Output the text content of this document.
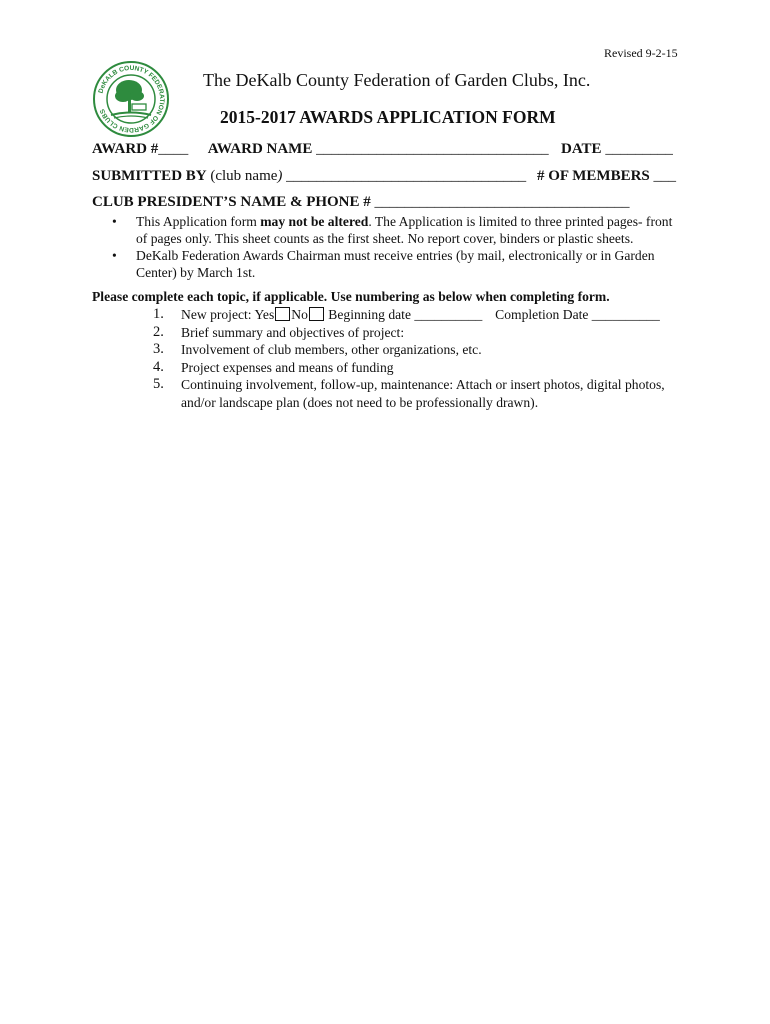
Revised 9-2-15
DeKALB COUNTY FEDERATION OF GARDEN CLUBS
The DeKalb County Federation of Garden Clubs, Inc.
2015-2017 AWARDS APPLICATION FORM
AWARD #____ AWARD NAME _______________________________ DATE _________
SUBMITTED BY (club name) ________________________________ # OF MEMBERS ___
CLUB PRESIDENT’S NAME & PHONE # __________________________________
• This Application form may not be altered. The Application is limited to three printed pages- front of pages only. This sheet counts as the first sheet. No report cover, binders or plastic sheets.
• DeKalb Federation Awards Chairman must receive entries (by mail, electronically or in Garden Center) by March 1st.
Please complete each topic, if applicable. Use numbering as below when completing form.
1. New project: Yes No Beginning date __________ Completion Date __________
2. Brief summary and objectives of project:
3. Involvement of club members, other organizations, etc.
4. Project expenses and means of funding
5. Continuing involvement, follow-up, maintenance: Attach or insert photos, digital photos, and/or landscape plan (does not need to be professionally drawn).
